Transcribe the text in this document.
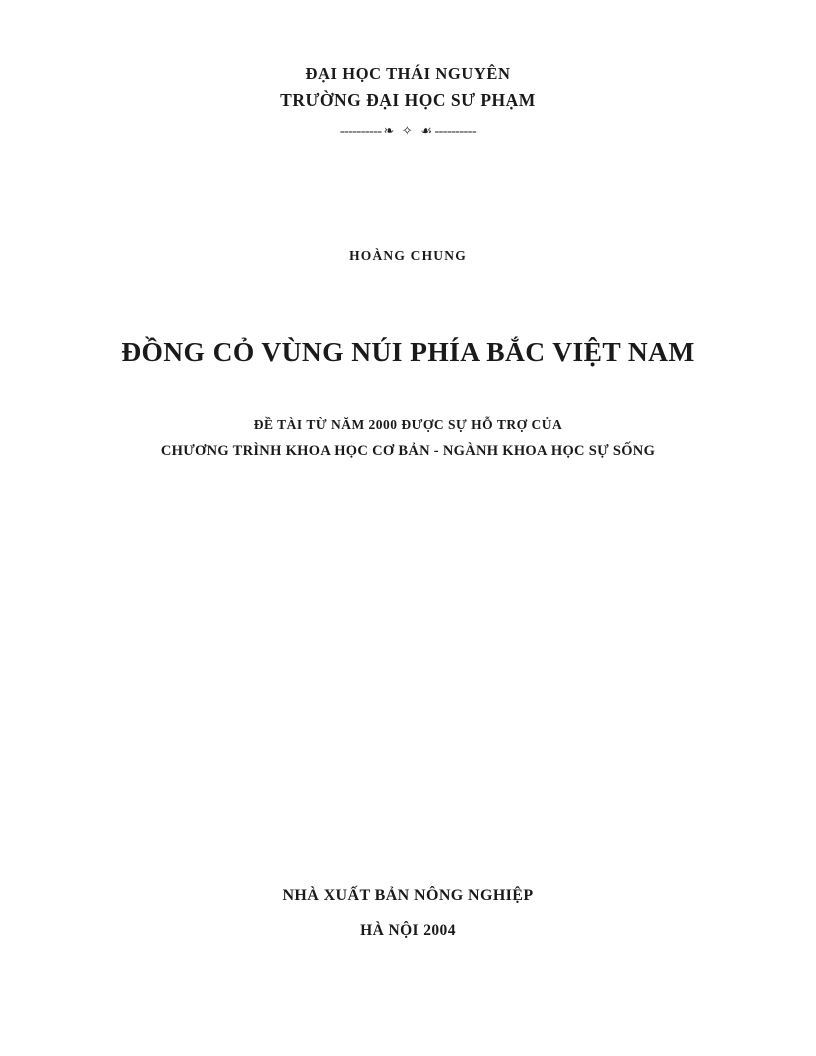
ĐẠI HỌC THÁI NGUYÊN
TRƯỜNG ĐẠI HỌC SƯ PHẠM
---------- ❧ ✧ ☙ ----------
HOÀNG CHUNG
ĐỒNG CỎ VÙNG NÚI PHÍA BẮC VIỆT NAM
ĐỀ TÀI TỪ NĂM 2000 ĐƯỢC SỰ HỖ TRỢ CỦA
CHƯƠNG TRÌNH KHOA HỌC CƠ BẢN - NGÀNH KHOA HỌC SỰ SỐNG
NHÀ XUẤT BẢN NÔNG NGHIỆP
HÀ NỘI 2004
